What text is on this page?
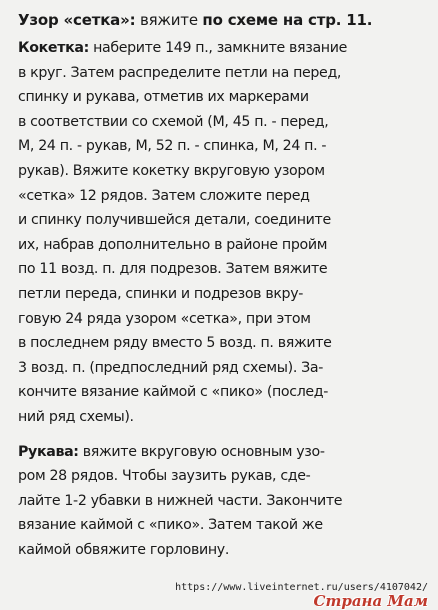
Узор «сетка»: вяжите по схеме на стр. 11.
Кокетка: наберите 149 п., замкните вязание
в круг. Затем распределите петли на перед,
спинку и рукава, отметив их маркерами
в соответствии со схемой (М, 45 п. - перед,
М, 24 п. - рукав, М, 52 п. - спинка, М, 24 п. -
рукав). Вяжите кокетку вкруговую узором
«сетка» 12 рядов. Затем сложите перед
и спинку получившейся детали, соедините
их, набрав дополнительно в районе пройм
по 11 возд. п. для подрезов. Затем вяжите
петли переда, спинки и подрезов вкру-
говую 24 ряда узором «сетка», при этом
в последнем ряду вместо 5 возд. п. вяжите
3 возд. п. (предпоследний ряд схемы). За-
кончите вязание каймой с «пико» (послед-
ний ряд схемы).
Рукава: вяжите вкруговую основным узо-
ром 28 рядов. Чтобы заузить рукав, сде-
лайте 1-2 убавки в нижней части. Закончите
вязание каймой с «пико». Затем такой же
каймой обвяжите горловину.
https://www.liveinternet.ru/users/4107042/
Страна Мам
